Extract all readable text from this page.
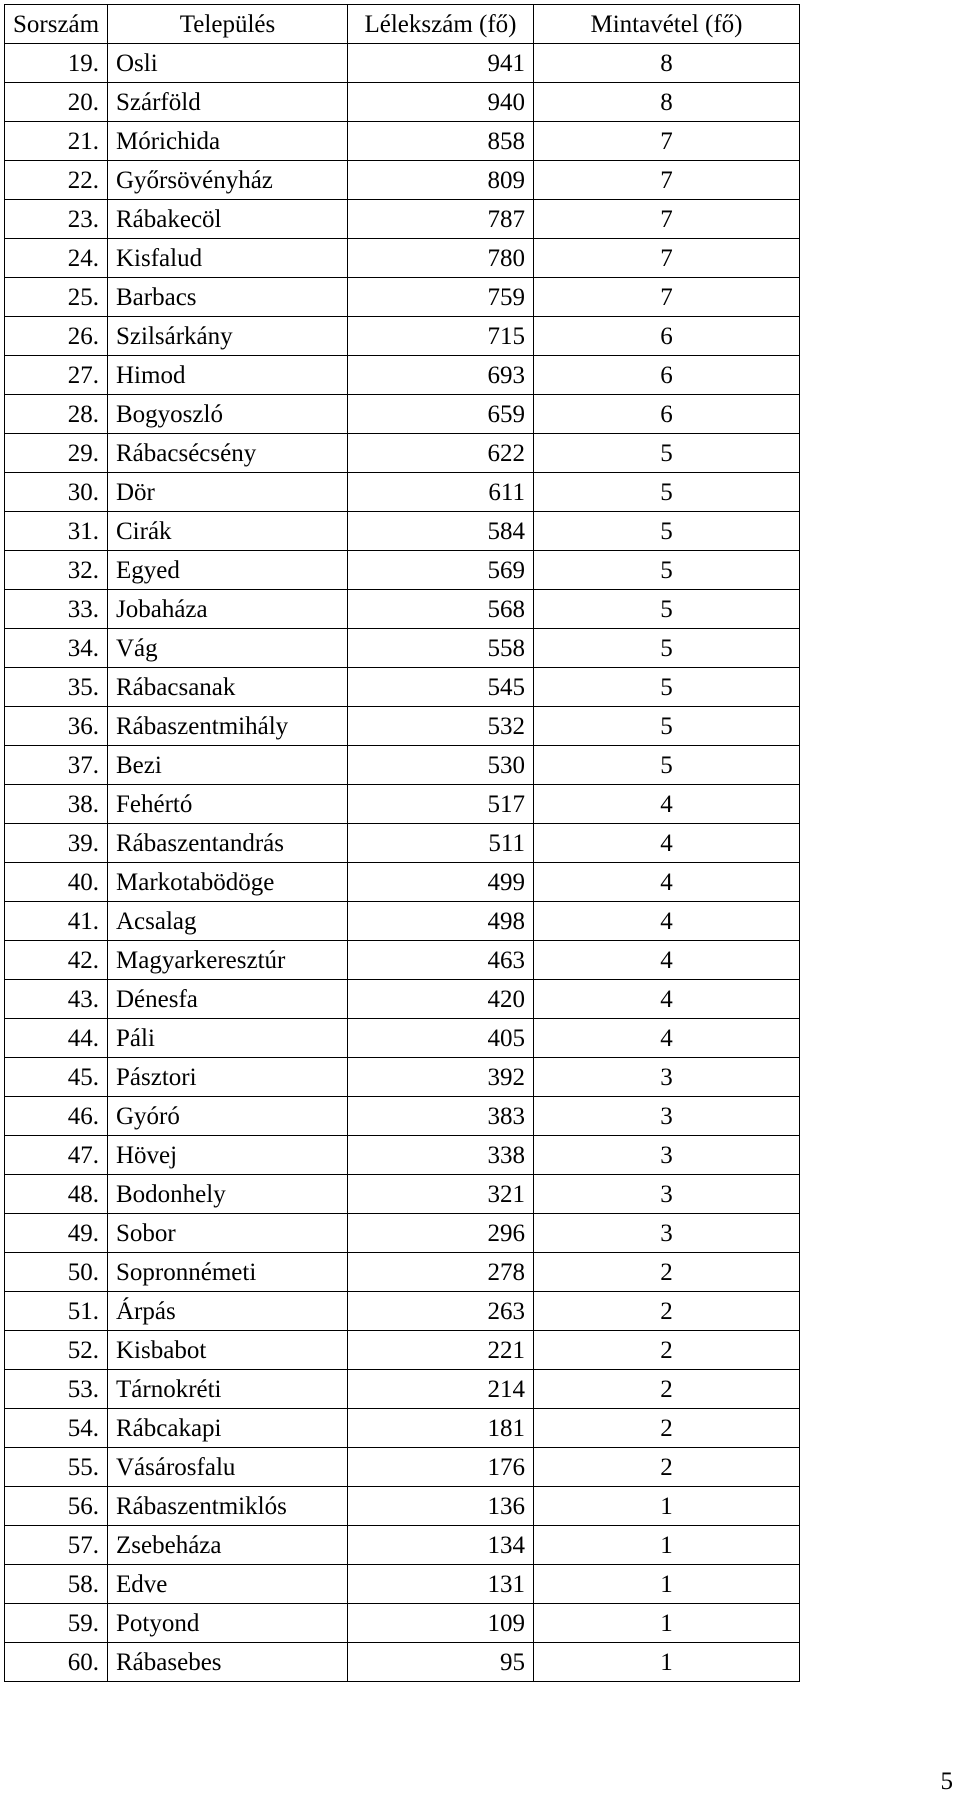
Sorszám	Település	Lélekszám (fő)	Mintavétel (fő)
19.	Osli	941	8
20.	Szárföld	940	8
21.	Mórichida	858	7
22.	Győrsövényház	809	7
23.	Rábakecöl	787	7
24.	Kisfalud	780	7
25.	Barbacs	759	7
26.	Szilsárkány	715	6
27.	Himod	693	6
28.	Bogyoszló	659	6
29.	Rábacsécsény	622	5
30.	Dör	611	5
31.	Cirák	584	5
32.	Egyed	569	5
33.	Jobaháza	568	5
34.	Vág	558	5
35.	Rábacsanak	545	5
36.	Rábaszentmihály	532	5
37.	Bezi	530	5
38.	Fehértó	517	4
39.	Rábaszentandrás	511	4
40.	Markotabödöge	499	4
41.	Acsalag	498	4
42.	Magyarkeresztúr	463	4
43.	Dénesfa	420	4
44.	Páli	405	4
45.	Pásztori	392	3
46.	Gyóró	383	3
47.	Hövej	338	3
48.	Bodonhely	321	3
49.	Sobor	296	3
50.	Sopronnémeti	278	2
51.	Árpás	263	2
52.	Kisbabot	221	2
53.	Tárnokréti	214	2
54.	Rábcakapi	181	2
55.	Vásárosfalu	176	2
56.	Rábaszentmiklós	136	1
57.	Zsebeháza	134	1
58.	Edve	131	1
59.	Potyond	109	1
60.	Rábasebes	95	1
5
